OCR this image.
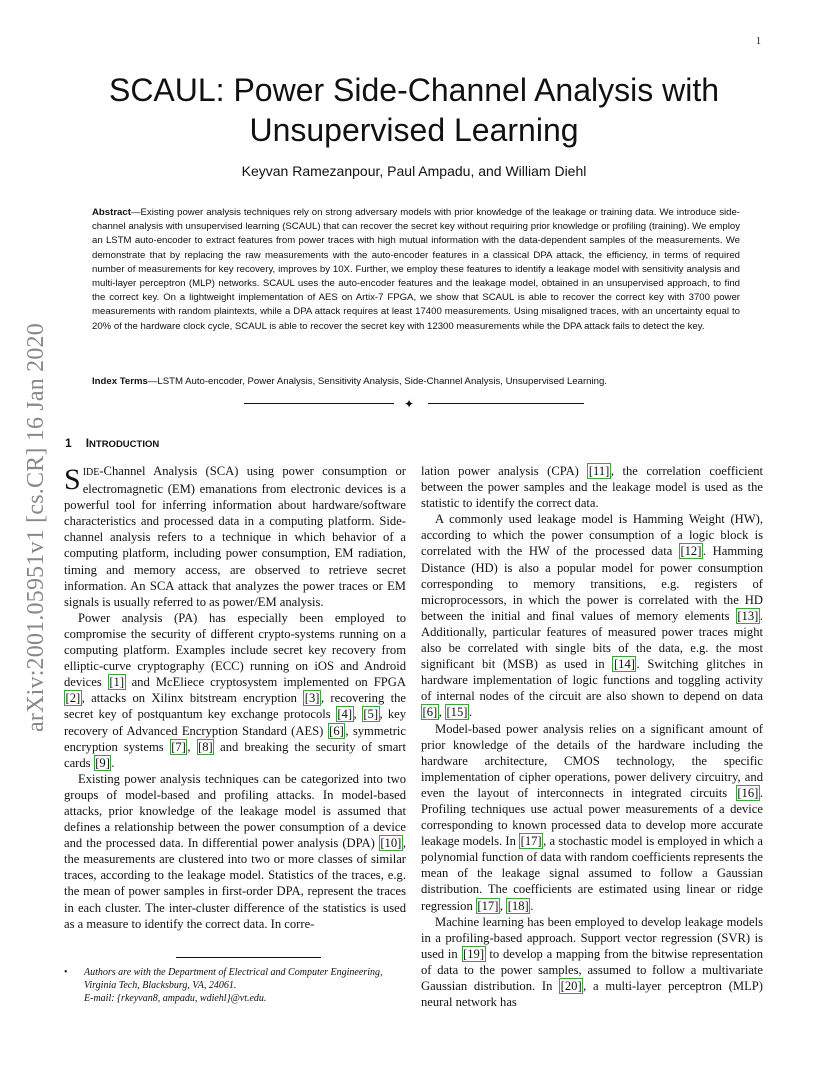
1
arXiv:2001.05951v1 [cs.CR] 16 Jan 2020
SCAUL: Power Side-Channel Analysis with
Unsupervised Learning
Keyvan Ramezanpour, Paul Ampadu, and William Diehl
Abstract—Existing power analysis techniques rely on strong adversary models with prior knowledge of the leakage or training data. We introduce side-channel analysis with unsupervised learning (SCAUL) that can recover the secret key without requiring prior knowledge or profiling (training). We employ an LSTM auto-encoder to extract features from power traces with high mutual information with the data-dependent samples of the measurements. We demonstrate that by replacing the raw measurements with the auto-encoder features in a classical DPA attack, the efficiency, in terms of required number of measurements for key recovery, improves by 10X. Further, we employ these features to identify a leakage model with sensitivity analysis and multi-layer perceptron (MLP) networks. SCAUL uses the auto-encoder features and the leakage model, obtained in an unsupervised approach, to find the correct key. On a lightweight implementation of AES on Artix-7 FPGA, we show that SCAUL is able to recover the correct key with 3700 power measurements with random plaintexts, while a DPA attack requires at least 17400 measurements. Using misaligned traces, with an uncertainty equal to 20% of the hardware clock cycle, SCAUL is able to recover the secret key with 12300 measurements while the DPA attack fails to detect the key.
Index Terms—LSTM Auto-encoder, Power Analysis, Sensitivity Analysis, Side-Channel Analysis, Unsupervised Learning.
✦
1 INTRODUCTION

SIDE-Channel Analysis (SCA) using power consumption or electromagnetic (EM) emanations from electronic devices is a powerful tool for inferring information about hardware/software characteristics and processed data in a computing platform. Side-channel analysis refers to a technique in which behavior of a computing platform, including power consumption, EM radiation, timing and memory access, are observed to retrieve secret information. An SCA attack that analyzes the power traces or EM signals is usually referred to as power/EM analysis.

Power analysis (PA) has especially been employed to compromise the security of different crypto-systems running on a computing platform. Examples include secret key recovery from elliptic-curve cryptography (ECC) running on iOS and Android devices [1] and McEliece cryptosystem implemented on FPGA [2] , attacks on Xilinx bitstream encryption [3] , recovering the secret key of postquantum key exchange protocols [4] , [5] , key recovery of Advanced Encryption Standard (AES) [6] , symmetric encryption systems [7] , [8] and breaking the security of smart cards [9] .

Existing power analysis techniques can be categorized into two groups of model-based and profiling attacks. In model-based attacks, prior knowledge of the leakage model is assumed that defines a relationship between the power consumption of a device and the processed data. In differential power analysis (DPA) [10] , the measurements are clustered into two or more classes of similar traces, according to the leakage model. Statistics of the traces, e.g. the mean of power samples in first-order DPA, represent the traces in each cluster. The inter-cluster difference of the statistics is used as a measure to identify the correct data. In corre-

•	Authors are with the Department of Electrical and Computer Engineering,
Virginia Tech, Blacksburg, VA, 24061.
E-mail: {rkeyvan8, ampadu, wdiehl}@vt.edu.

lation power analysis (CPA) [11] , the correlation coefficient between the power samples and the leakage model is used as the statistic to identify the correct data.

A commonly used leakage model is Hamming Weight (HW), according to which the power consumption of a logic block is correlated with the HW of the processed data [12] . Hamming Distance (HD) is also a popular model for power consumption corresponding to memory transitions, e.g. registers of microprocessors, in which the power is correlated with the HD between the initial and final values of memory elements [13] . Additionally, particular features of measured power traces might also be correlated with single bits of the data, e.g. the most significant bit (MSB) as used in [14] . Switching glitches in hardware implementation of logic functions and toggling activity of internal nodes of the circuit are also shown to depend on data [6] , [15] .

Model-based power analysis relies on a significant amount of prior knowledge of the details of the hardware including the hardware architecture, CMOS technology, the specific implementation of cipher operations, power delivery circuitry, and even the layout of interconnects in integrated circuits [16] . Profiling techniques use actual power measurements of a device corresponding to known processed data to develop more accurate leakage models. In [17] , a stochastic model is employed in which a polynomial function of data with random coefficients represents the mean of the leakage signal assumed to follow a Gaussian distribution. The coefficients are estimated using linear or ridge regression [17] , [18] .

Machine learning has been employed to develop leakage models in a profiling-based approach. Support vector regression (SVR) is used in [19] to develop a mapping from the bitwise representation of data to the power samples, assumed to follow a multivariate Gaussian distribution. In [20] , a multi-layer perceptron (MLP) neural network has
